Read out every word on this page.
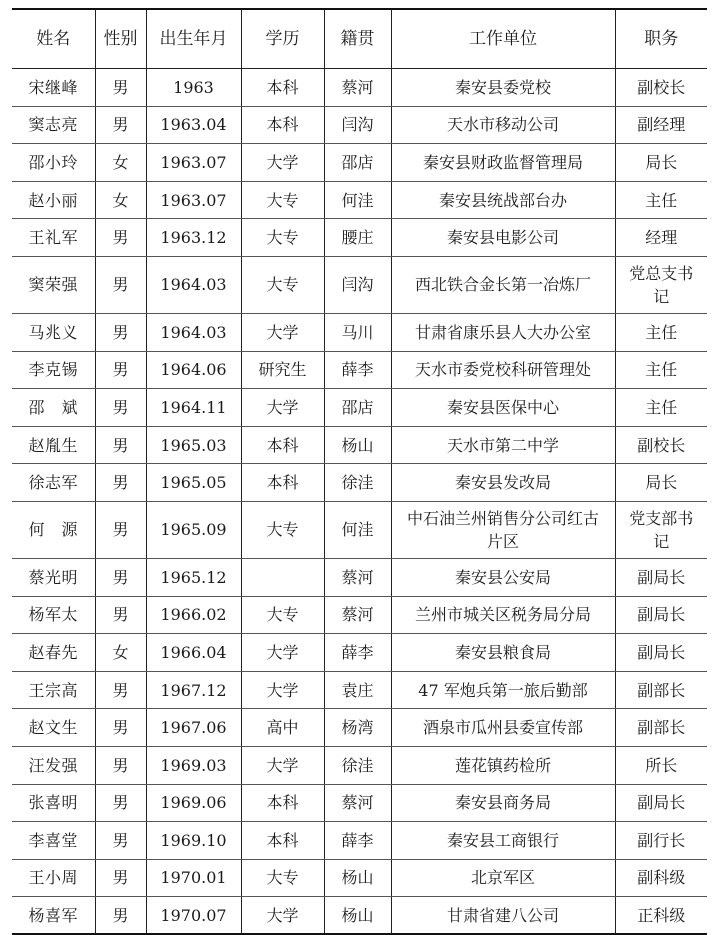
姓名	性别	出生年月	学历	籍贯	工作单位	职务
宋继峰	男	1963	本科	蔡河	秦安县委党校	副校长
窦志亮	男	1963.04	本科	闫沟	天水市移动公司	副经理
邵小玲	女	1963.07	大学	邵店	秦安县财政监督管理局	局长
赵小丽	女	1963.07	大专	何洼	秦安县统战部台办	主任
王礼军	男	1963.12	大专	腰庄	秦安县电影公司	经理
窦荣强	男	1964.03	大专	闫沟	西北铁合金长第一冶炼厂	党总支书记
马兆义	男	1964.03	大学	马川	甘肃省康乐县人大办公室	主任
李克锡	男	1964.06	研究生	薛李	天水市委党校科研管理处	主任
邵　斌	男	1964.11	大学	邵店	秦安县医保中心	主任
赵胤生	男	1965.03	本科	杨山	天水市第二中学	副校长
徐志军	男	1965.05	本科	徐洼	秦安县发改局	局长
何　源	男	1965.09	大专	何洼	中石油兰州销售分公司红古片区	党支部书记
蔡光明	男	1965.12		蔡河	秦安县公安局	副局长
杨军太	男	1966.02	大专	蔡河	兰州市城关区税务局分局	副局长
赵春先	女	1966.04	大学	薛李	秦安县粮食局	副局长
王宗高	男	1967.12	大学	袁庄	47 军炮兵第一旅后勤部	副部长
赵文生	男	1967.06	高中	杨湾	酒泉市瓜州县委宣传部	副部长
汪发强	男	1969.03	大学	徐洼	莲花镇药检所	所长
张喜明	男	1969.06	本科	蔡河	秦安县商务局	副局长
李喜堂	男	1969.10	本科	薛李	秦安县工商银行	副行长
王小周	男	1970.01	大专	杨山	北京军区	副科级
杨喜军	男	1970.07	大学	杨山	甘肃省建八公司	正科级
